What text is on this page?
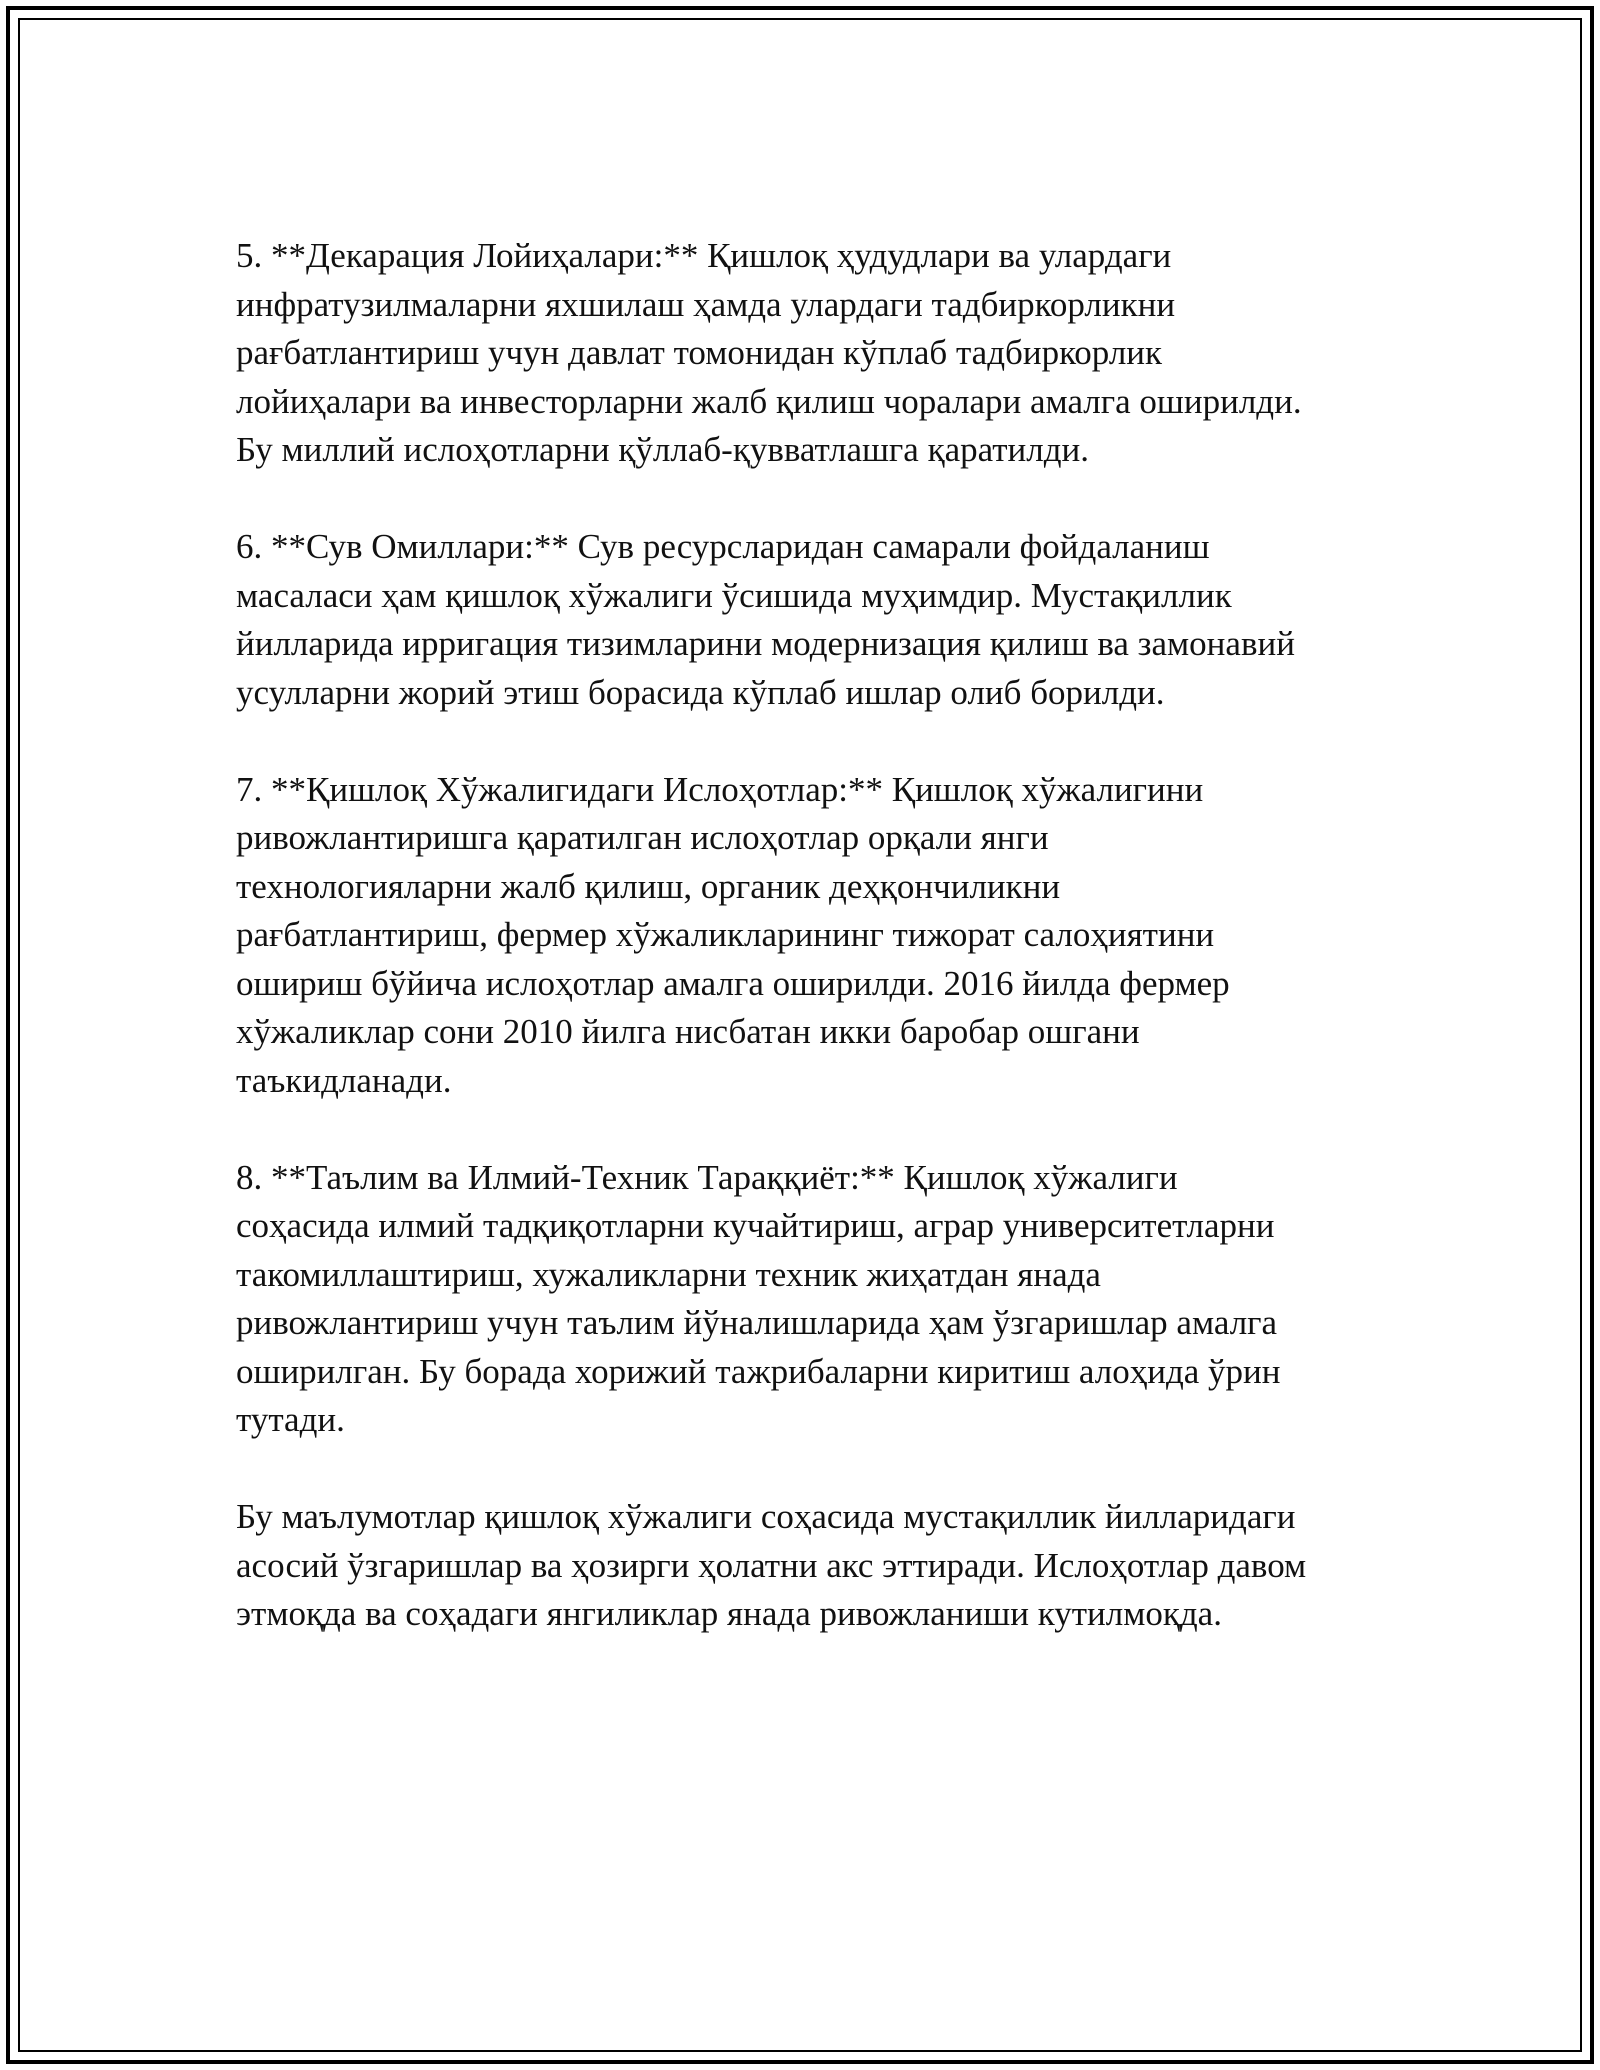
5. **Декарация Лойиҳалари:** Қишлоқ ҳудудлари ва улардаги
инфратузилмаларни яхшилаш ҳамда улардаги тадбиркорликни
рағбатлантириш учун давлат томонидан кўплаб тадбиркорлик
лойиҳалари ва инвесторларни жалб қилиш чоралари амалга оширилди.
Бу миллий ислоҳотларни қўллаб-қувватлашга қаратилди.

6. **Сув Омиллари:** Сув ресурсларидан самарали фойдаланиш
масаласи ҳам қишлоқ хўжалиги ўсишида муҳимдир. Мустақиллик
йилларида ирригация тизимларини модернизация қилиш ва замонавий
усулларни жорий этиш борасида кўплаб ишлар олиб борилди.

7. **Қишлоқ Хўжалигидаги Ислоҳотлар:** Қишлоқ хўжалигини
ривожлантиришга қаратилган ислоҳотлар орқали янги
технологияларни жалб қилиш, органик деҳқончиликни
рағбатлантириш, фермер хўжаликларининг тижорат салоҳиятини
ошириш бўйича ислоҳотлар амалга оширилди. 2016 йилда фермер
хўжаликлар сони 2010 йилга нисбатан икки баробар ошгани
таъкидланади.

8. **Таълим ва Илмий-Техник Тараққиёт:** Қишлоқ хўжалиги
соҳасида илмий тадқиқотларни кучайтириш, аграр университетларни
такомиллаштириш, хужаликларни техник жиҳатдан янада
ривожлантириш учун таълим йўналишларида ҳам ўзгаришлар амалга
оширилган. Бу борада хорижий тажрибаларни киритиш алоҳида ўрин
тутади.

Бу маълумотлар қишлоқ хўжалиги соҳасида мустақиллик йилларидаги
асосий ўзгаришлар ва ҳозирги ҳолатни акс эттиради. Ислоҳотлар давом
этмоқда ва соҳадаги янгиликлар янада ривожланиши кутилмоқда.
